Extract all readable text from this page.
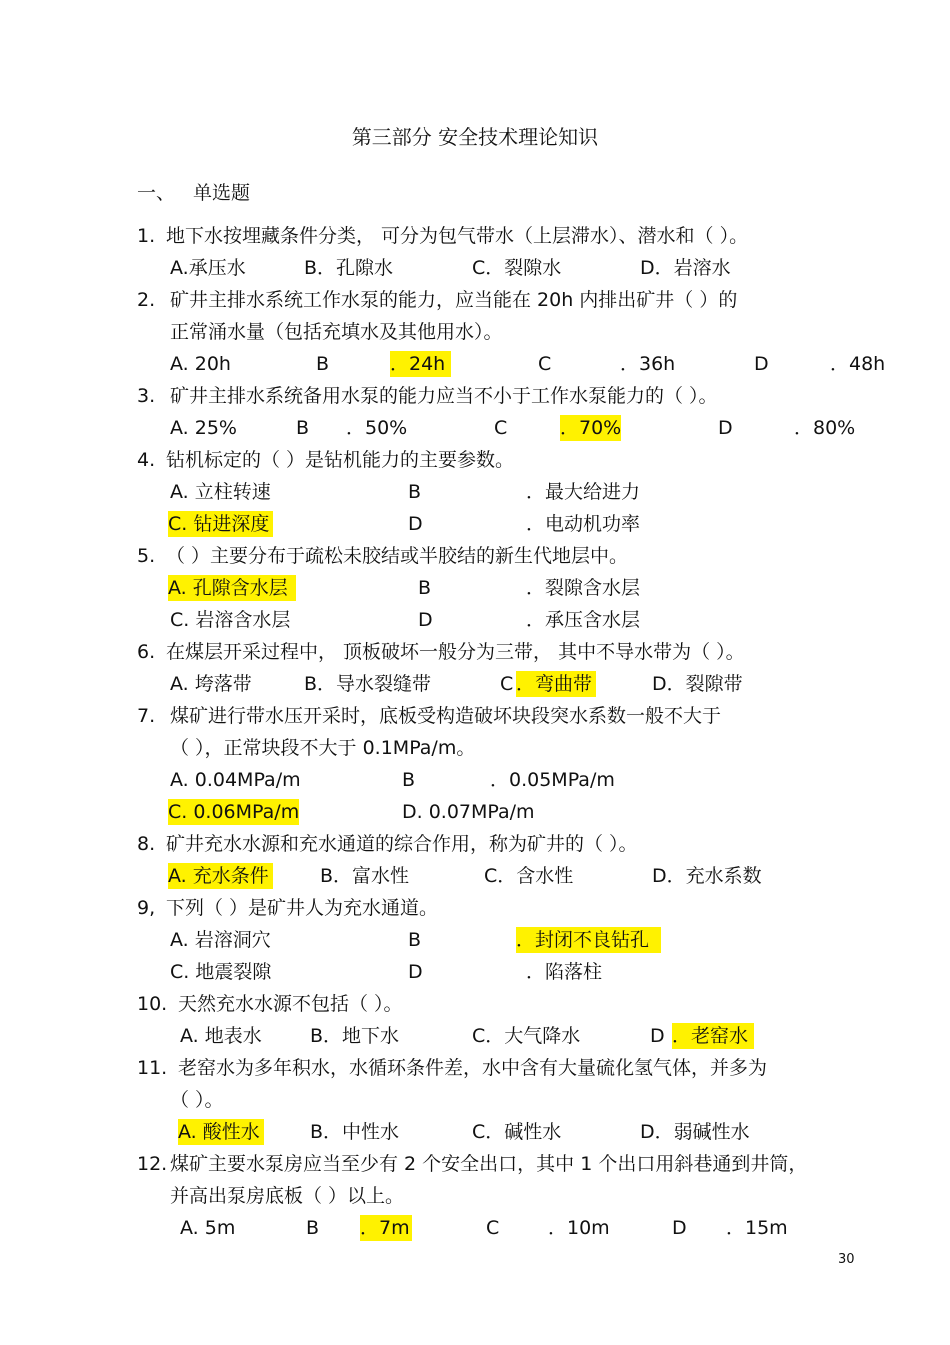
第三部分 安全技术理论知识
一、 单选题
1. 地下水按埋藏条件分类， 可分为包气带水（上层滞水）、潜水和（ ）。
A.承压水	B．孔隙水	C．裂隙水	D．岩溶水
2. 矿井主排水系统工作水泵的能力，应当能在 20h 内排出矿井（ ）的
正常涌水量（包括充填水及其他用水）。
A. 20h	B	．24h	C	．36h	D	．48h
3. 矿井主排水系统备用水泵的能力应当不小于工作水泵能力的（ ）。
A. 25%	B ．50%	C	．70%	D	．80%
4. 钻机标定的（ ）是钻机能力的主要参数。
A. 立柱转速	B	．最大给进力
C. 钻进深度	D	．电动机功率
5. （ ）主要分布于疏松未胶结或半胶结的新生代地层中。
A. 孔隙含水层	B	．裂隙含水层
C. 岩溶含水层	D	．承压含水层
6. 在煤层开采过程中， 顶板破坏一般分为三带， 其中不导水带为（ ）。
A. 垮落带	B．导水裂缝带	C ．弯曲带	D．裂隙带
7. 煤矿进行带水压开采时，底板受构造破坏块段突水系数一般不大于
（ ），正常块段不大于 0.1MPa/m。
A. 0.04MPa/m	B	．0.05MPa/m
C. 0.06MPa/m	D. 0.07MPa/m
8. 矿井充水水源和充水通道的综合作用，称为矿井的（ ）。
A. 充水条件	B．富水性	C．含水性	D．充水系数
9, 下列（ ）是矿井人为充水通道。
A. 岩溶洞穴	B	．封闭不良钻孔
C. 地震裂隙	D	．陷落柱
10. 天然充水水源不包括（ ）。
A. 地表水	B．地下水	C．大气降水	D ．老窑水
11. 老窑水为多年积水，水循环条件差，水中含有大量硫化氢气体，并多为
（ ）。
A. 酸性水	B．中性水	C．碱性水	D．弱碱性水
12. 煤矿主要水泵房应当至少有 2 个安全出口，其中 1 个出口用斜巷通到井筒，
并高出泵房底板（ ）以上。
A. 5m	B ．7m	C	．10m	D ．15m
30
